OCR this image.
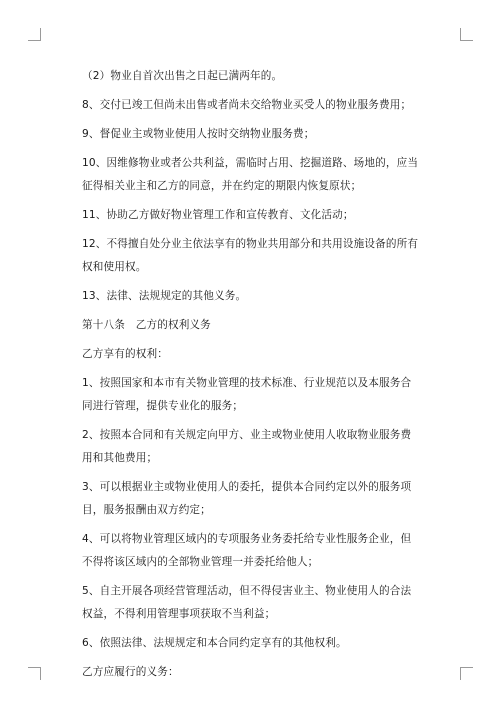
（2）物业自首次出售之日起已满两年的。

8、交付已竣工但尚未出售或者尚未交给物业买受人的物业服务费用；

9、督促业主或物业使用人按时交纳物业服务费；

10、因维修物业或者公共利益，需临时占用、挖掘道路、场地的，应当征得相关业主和乙方的同意，并在约定的期限内恢复原状；

11、协助乙方做好物业管理工作和宣传教育、文化活动；

12、不得擅自处分业主依法享有的物业共用部分和共用设施设备的所有权和使用权。

13、法律、法规规定的其他义务。

第十八条　乙方的权利义务

乙方享有的权利：

1、按照国家和本市有关物业管理的技术标准、行业规范以及本服务合同进行管理，提供专业化的服务；

2、按照本合同和有关规定向甲方、业主或物业使用人收取物业服务费用和其他费用；

3、可以根据业主或物业使用人的委托，提供本合同约定以外的服务项目，服务报酬由双方约定；

4、可以将物业管理区域内的专项服务业务委托给专业性服务企业，但不得将该区域内的全部物业管理一并委托给他人；

5、自主开展各项经营管理活动，但不得侵害业主、物业使用人的合法权益，不得利用管理事项获取不当利益；

6、依照法律、法规规定和本合同约定享有的其他权利。

乙方应履行的义务：
